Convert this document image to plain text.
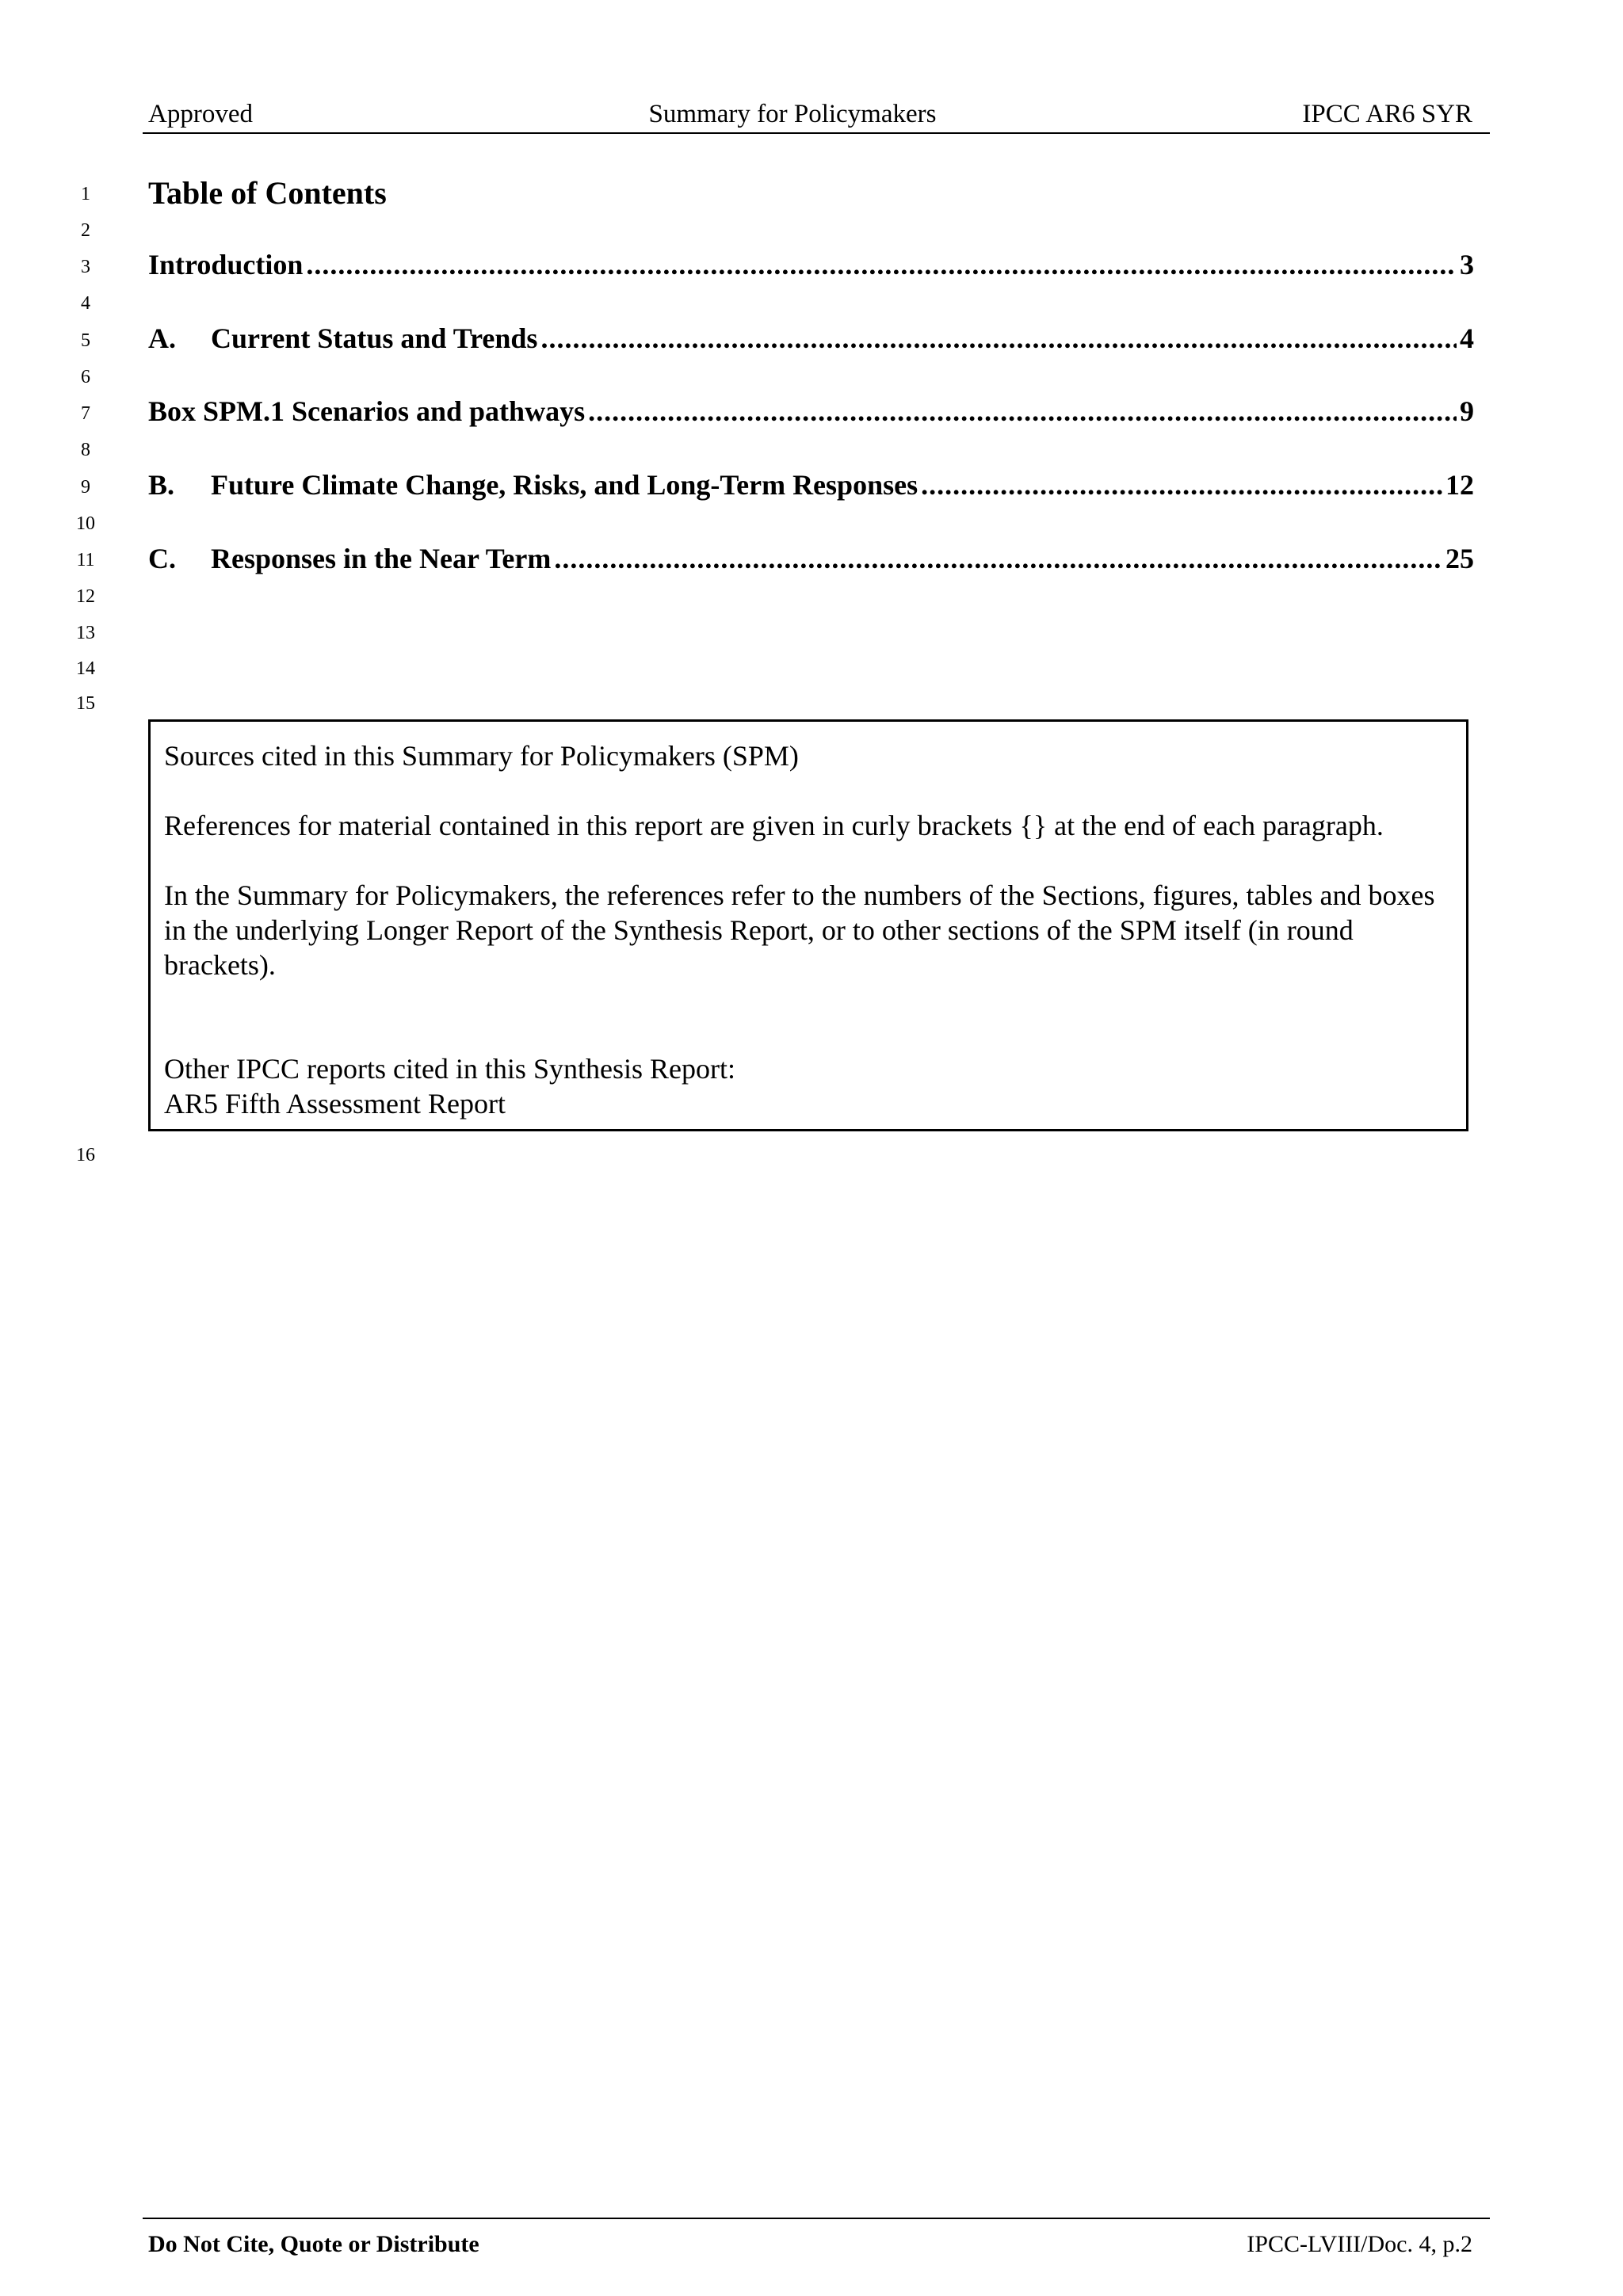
Approved	Summary for Policymakers	IPCC AR6 SYR
1
2
3
4
5
6
7
8
9
10
11
12
13
14
15
16
Table of Contents
Introduction .....	3
A.	Current Status and Trends .....	4
Box SPM.1 Scenarios and pathways .....	9
B.	Future Climate Change, Risks, and Long-Term Responses .....	12
C.	Responses in the Near Term .....	25
Sources cited in this Summary for Policymakers (SPM)
References for material contained in this report are given in curly brackets {} at the end of each paragraph.
In the Summary for Policymakers, the references refer to the numbers of the Sections, figures, tables and boxes in the underlying Longer Report of the Synthesis Report, or to other sections of the SPM itself (in round brackets).
Other IPCC reports cited in this Synthesis Report:
AR5 Fifth Assessment Report
Do Not Cite, Quote or Distribute	IPCC-LVIII/Doc. 4, p.2
